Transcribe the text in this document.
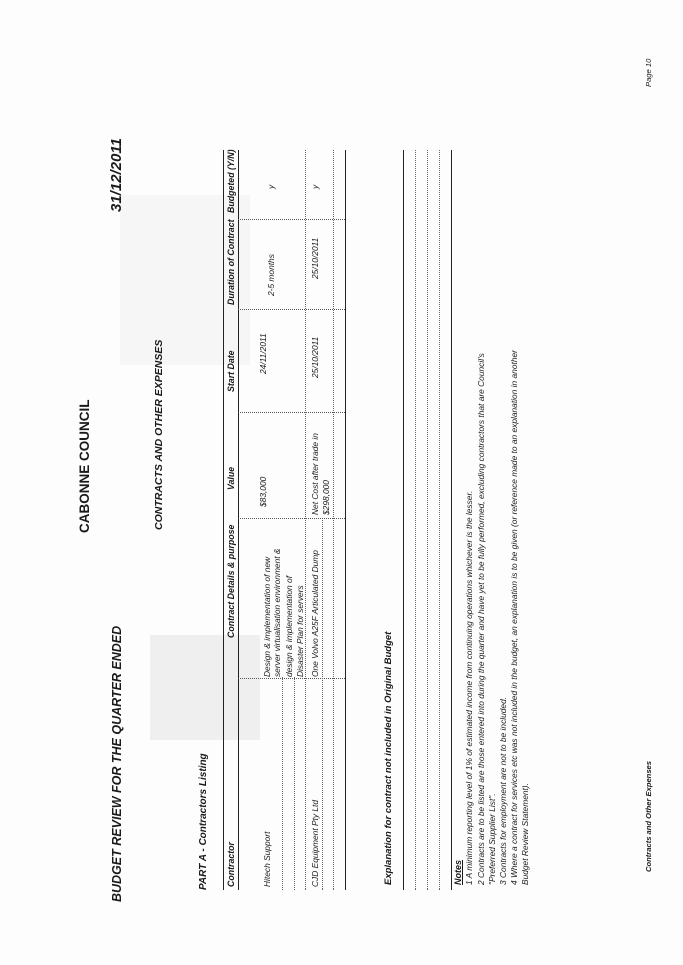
CABONNE COUNCIL
BUDGET REVIEW FOR THE QUARTER ENDED
31/12/2011
CONTRACTS AND OTHER EXPENSES
PART A - Contractors Listing Contractor
Contract Details & purpose
Value
Start Date
Duration of Contract
Budgeted (Y/N)
Hitech Support
Design & implementation of new server virtualisation environment & design & implementation of Disaster Plan for servers
$83,000
24/11/2011
2-5 months
y
CJD Equipment Pty Ltd
One Volvo A25F Articulated Dump
Net Cost after trade in $298,000
25/10/2011
25/10/2011
y
Explanation for contract not included in Original Budget	Notes 1 A minimum reporting level of 1% of estimated income from continuing operations whichever is the lesser. 2 Contracts are to be listed are those entered into during the quarter and have yet to be fully performed, excluding contractors that are Council's "Preferred Supplier List". 3 Contracts for employment are not to be included. 4 Where a contract for services etc was not included in the budget, an explanation is to be given (or reference made to an explanation in another Budget Review Statement).	Contracts and Other Expenses
Page 10
